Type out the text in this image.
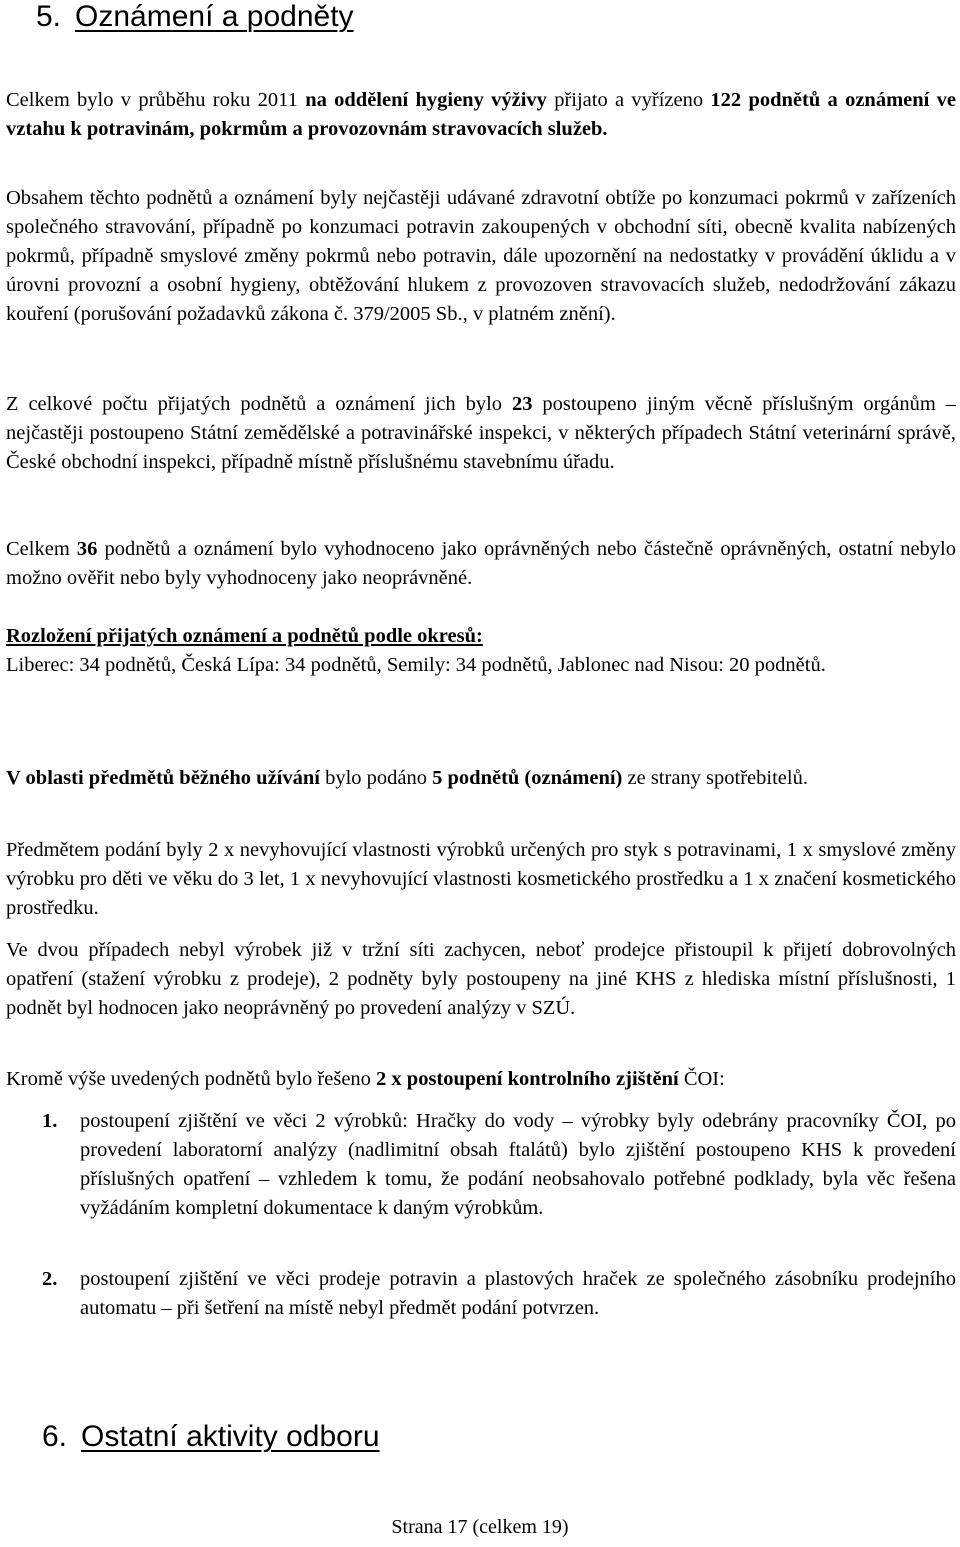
5. Oznámení a podněty

Celkem bylo v průběhu roku 2011 na oddělení hygieny výživy přijato a vyřízeno 122 podnětů a oznámení ve vztahu k potravinám, pokrmům a provozovnám stravovacích služeb.

Obsahem těchto podnětů a oznámení byly nejčastěji udávané zdravotní obtíže po konzumaci pokrmů v zařízeních společného stravování, případně po konzumaci potravin zakoupených v obchodní síti, obecně kvalita nabízených pokrmů, případně smyslové změny pokrmů nebo potravin, dále upozornění na nedostatky v provádění úklidu a v úrovni provozní a osobní hygieny, obtěžování hlukem z provozoven stravovacích služeb, nedodržování zákazu kouření (porušování požadavků zákona č. 379/2005 Sb., v platném znění).

Z celkové počtu přijatých podnětů a oznámení jich bylo 23 postoupeno jiným věcně příslušným orgánům – nejčastěji postoupeno Státní zemědělské a potravinářské inspekci, v některých případech Státní veterinární správě, České obchodní inspekci, případně místně příslušnému stavebnímu úřadu.

Celkem 36 podnětů a oznámení bylo vyhodnoceno jako oprávněných nebo částečně oprávněných, ostatní nebylo možno ověřit nebo byly vyhodnoceny jako neoprávněné.

Rozložení přijatých oznámení a podnětů podle okresů:
Liberec: 34 podnětů, Česká Lípa: 34 podnětů, Semily: 34 podnětů, Jablonec nad Nisou: 20 podnětů.

V oblasti předmětů běžného užívání bylo podáno 5 podnětů (oznámení) ze strany spotřebitelů.

Předmětem podání byly 2 x nevyhovující vlastnosti výrobků určených pro styk s potravinami, 1 x smyslové změny výrobku pro děti ve věku do 3 let, 1 x nevyhovující vlastnosti kosmetického prostředku a 1 x značení kosmetického prostředku.

Ve dvou případech nebyl výrobek již v tržní síti zachycen, neboť prodejce přistoupil k přijetí dobrovolných opatření (stažení výrobku z prodeje), 2 podněty byly postoupeny na jiné KHS z hlediska místní příslušnosti, 1 podnět byl hodnocen jako neoprávněný po provedení analýzy v SZÚ.

Kromě výše uvedených podnětů bylo řešeno 2 x postoupení kontrolního zjištění ČOI:

1. postoupení zjištění ve věci 2 výrobků: Hračky do vody – výrobky byly odebrány pracovníky ČOI, po provedení laboratorní analýzy (nadlimitní obsah ftalátů) bylo zjištění postoupeno KHS k provedení příslušných opatření – vzhledem k tomu, že podání neobsahovalo potřebné podklady, byla věc řešena vyžádáním kompletní dokumentace k daným výrobkům.
2. postoupení zjištění ve věci prodeje potravin a plastových hraček ze společného zásobníku prodejního automatu – při šetření na místě nebyl předmět podání potvrzen.
6. Ostatní aktivity odboru
Strana 17 (celkem 19)
